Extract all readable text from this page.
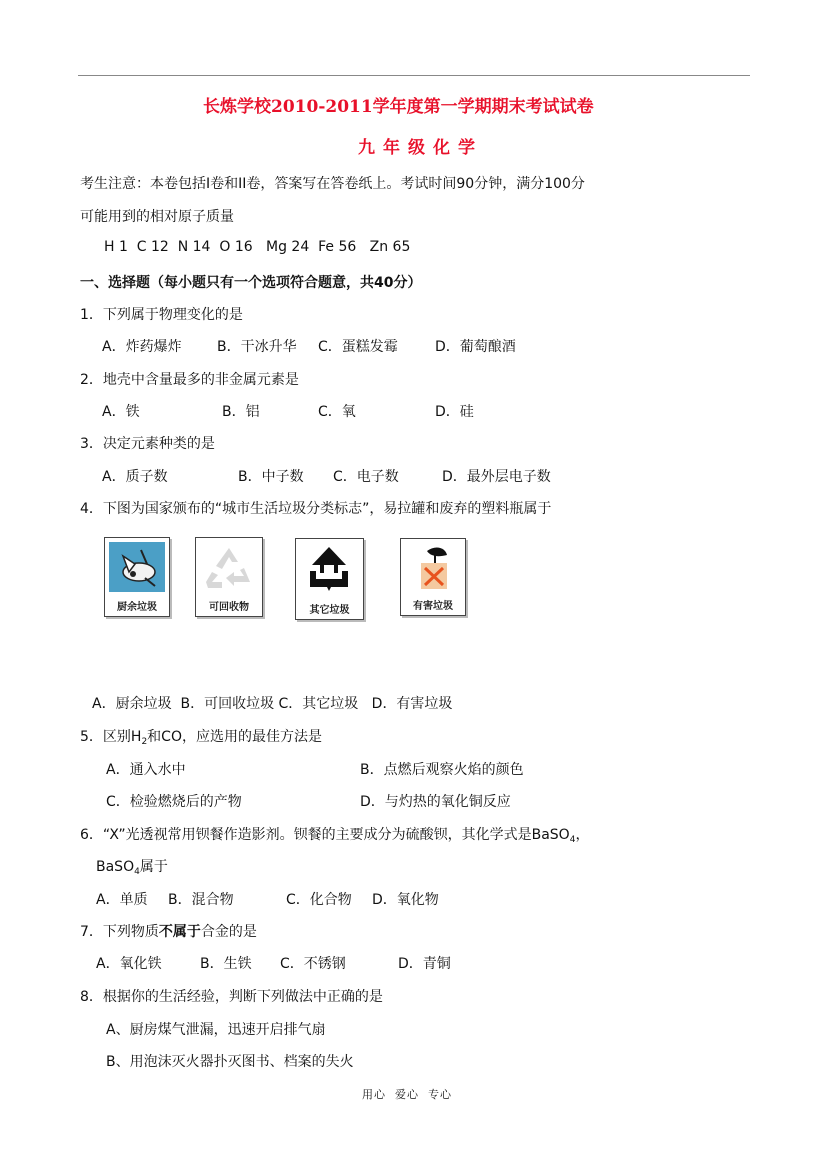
长炼学校2010-2011学年度第一学期期末考试试卷
九年级化学
考生注意：本卷包括I卷和II卷，答案写在答卷纸上。考试时间90分钟，满分100分
可能用到的相对原子质量
H 1  C 12  N 14  O 16   Mg 24  Fe 56   Zn 65
一、选择题（每小题只有一个选项符合题意，共40分）
1．下列属于物理变化的是
A．炸药爆炸	B．干冰升华 C．蛋糕发霉	D．葡萄酿酒
2．地壳中含量最多的非金属元素是
A．铁	B．铝	C．氧	D．硅
3．决定元素种类的是
A．质子数	B．中子数 C．电子数	D．最外层电子数
4．下图为国家颁布的“城市生活垃圾分类标志”，易拉罐和废弃的塑料瓶属于
厨余垃圾	可回收物	其它垃圾	有害垃圾
A．厨余垃圾  B．可回收垃圾 C．其它垃圾   D．有害垃圾
5．区别$H_2$和CO，应选用的最佳方法是
A．通入水中	B．点燃后观察火焰的颜色
C．检验燃烧后的产物	D．与灼热的氧化铜反应
6．“X”光透视常用钡餐作造影剂。钡餐的主要成分为硫酸钡，其化学式是BaSO$_4$，
BaSO$_4$属于
A．单质 B．混合物	C．化合物 D．氧化物
7．下列物质不属于合金的是
A．氧化铁	B．生铁 C．不锈钢	D．青铜
8．根据你的生活经验，判断下列做法中正确的是
A、厨房煤气泄漏，迅速开启排气扇
B、用泡沫灭火器扑灭图书、档案的失火
用心  爱心  专心
